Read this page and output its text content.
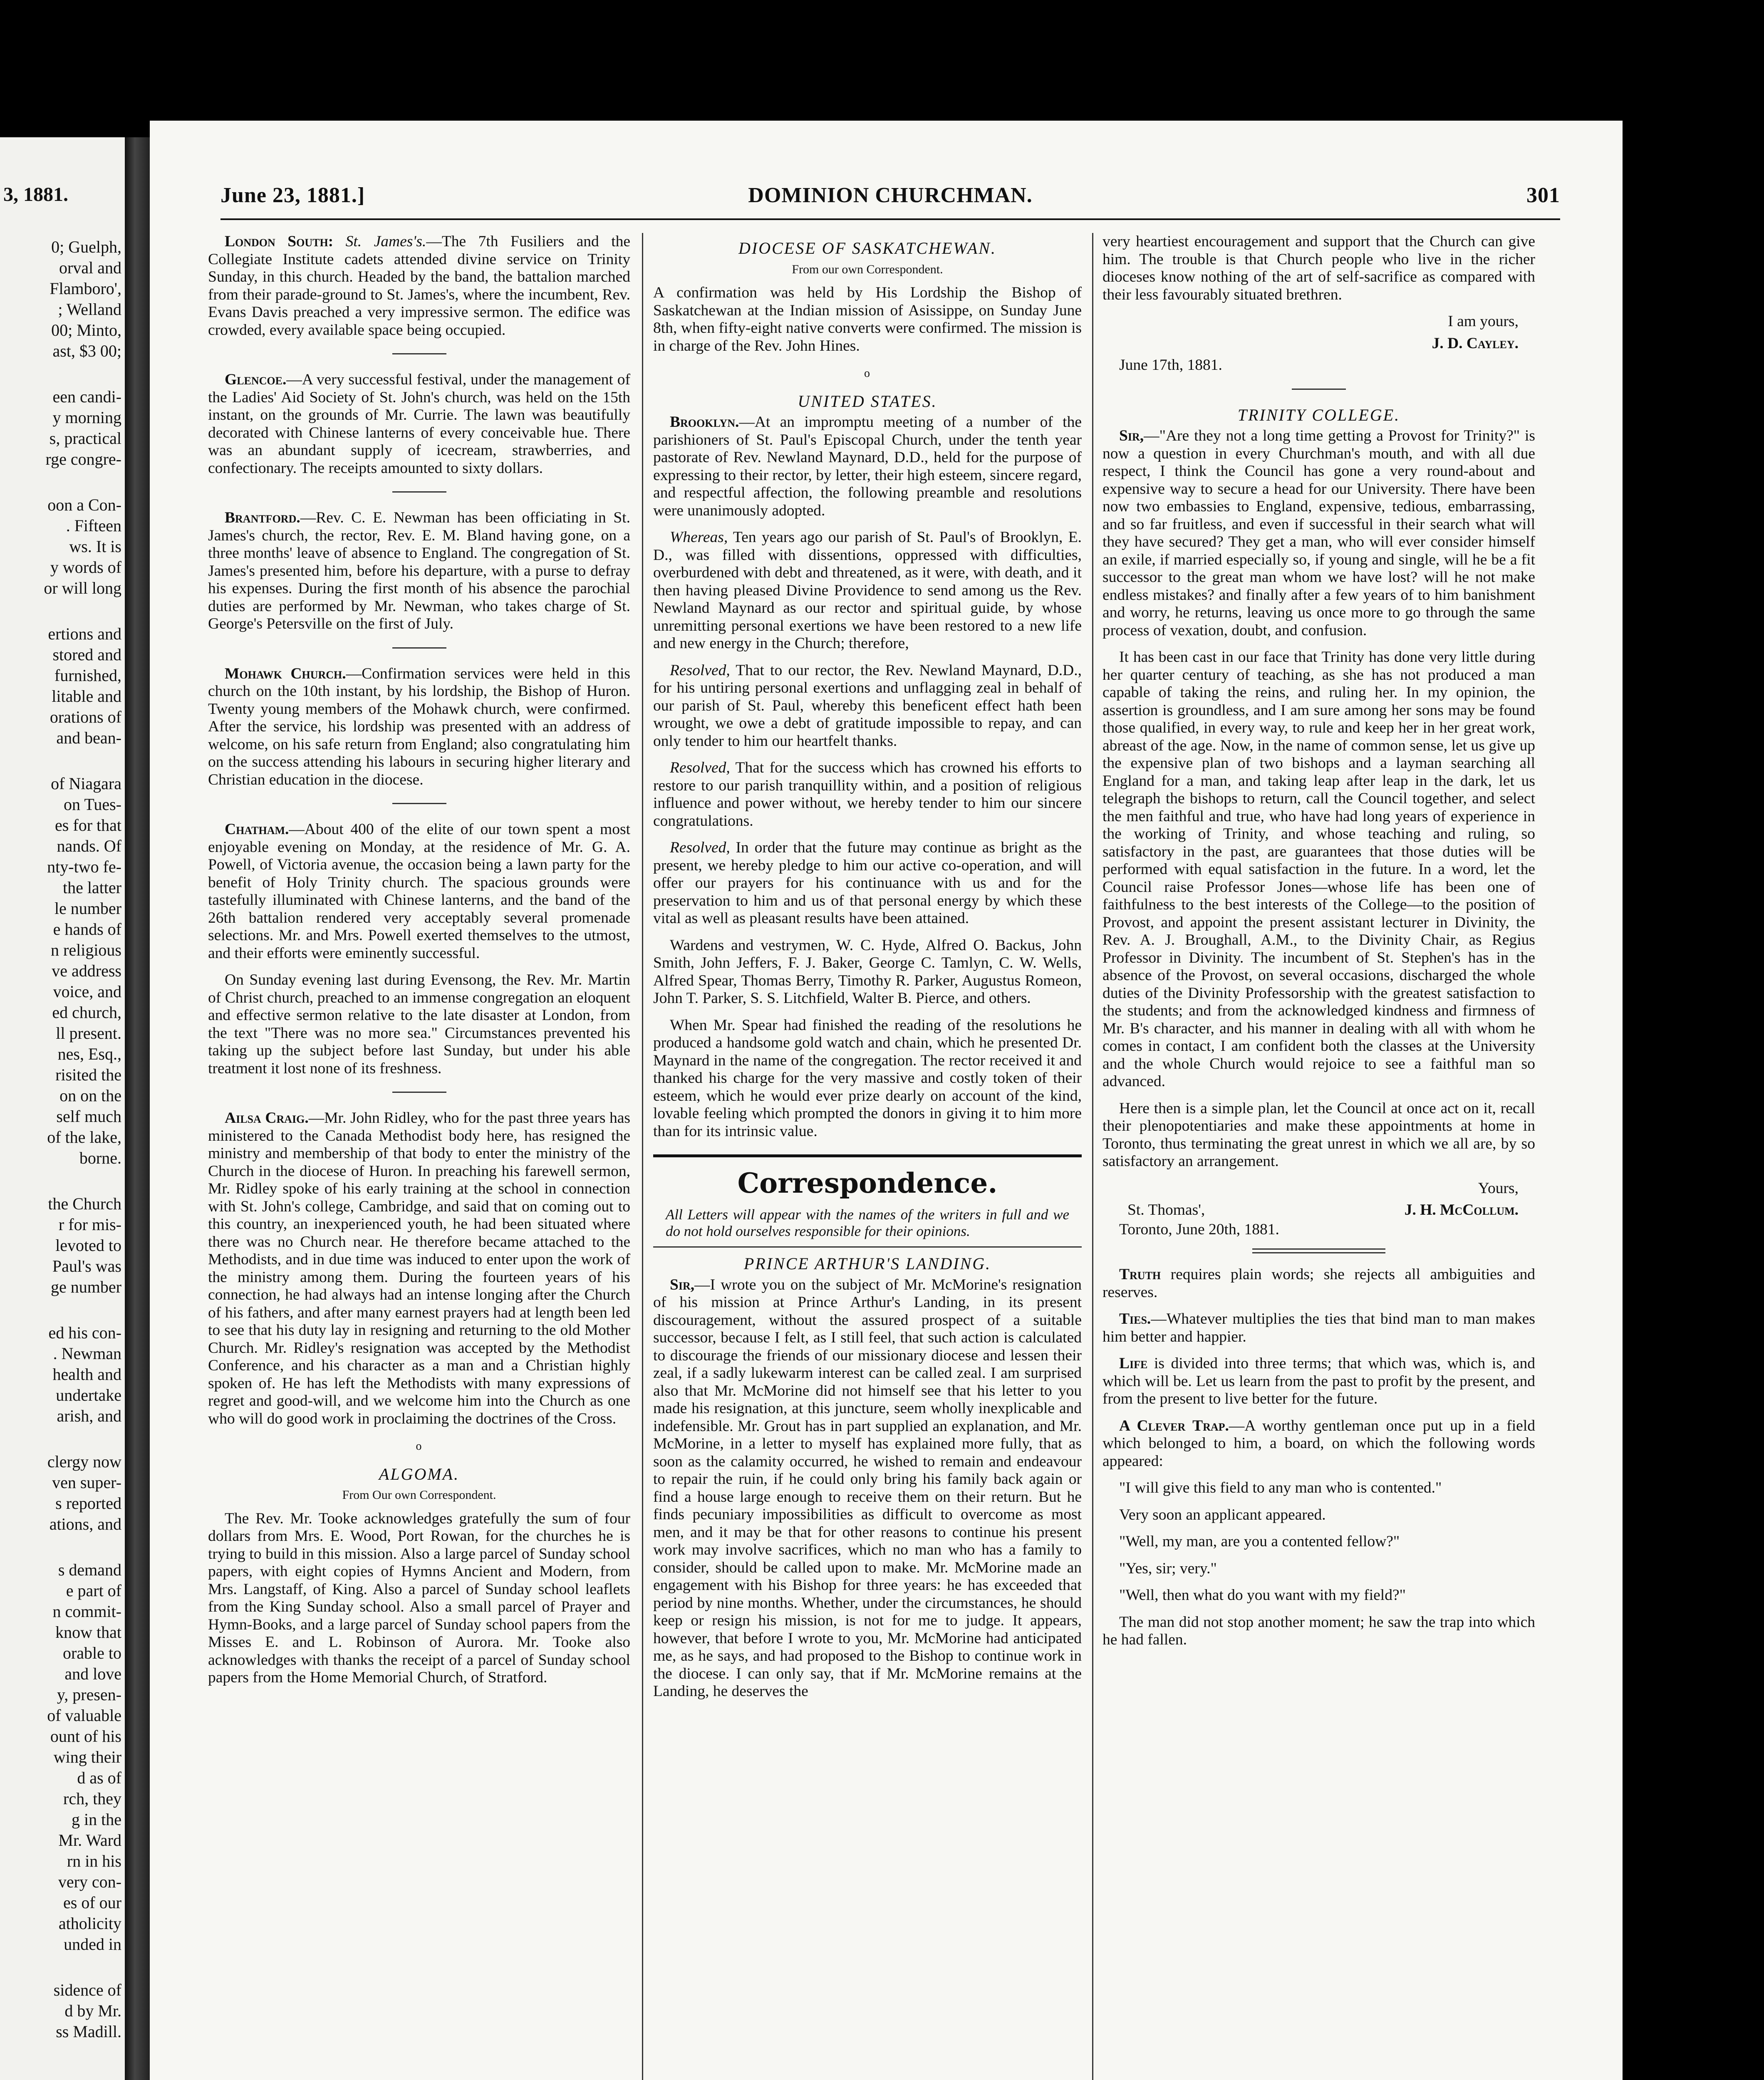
3, 1881.
0; Guelph,
orval and
Flamboro',
; Welland
00; Minto,
ast, $3 00;
een candi-
y morning
s, practical
rge congre-
oon a Con-
. Fifteen
ws. It is
y words of
or will long
ertions and
stored and
furnished,
litable and
orations of
and bean-
of Niagara
on Tues-
es for that
nands. Of
nty-two fe-
the latter
le number
e hands of
n religious
ve address
voice, and
ed church,
ll present.
nes, Esq.,
risited the
on on the
self much
of the lake,
borne.
the Church
r for mis-
levoted to
Paul's was
ge number
ed his con-
. Newman
health and
undertake
arish, and
clergy now
ven super-
s reported
ations, and
s demand
e part of
n commit-
know that
orable to
and love
y, presen-
of valuable
ount of his
wing their
d as of
rch, they
g in the
Mr. Ward
rn in his
very con-
es of our
atholicity
unded in
sidence of
d by Mr.
ss Madill.
June 23, 1881.]	DOMINION CHURCHMAN.	301

London South: St. James's.—The 7th Fusiliers and the Collegiate Institute cadets attended divine service on Trinity Sunday, in this church. Headed by the band, the battalion marched from their parade-ground to St. James's, where the incumbent, Rev. Evans Davis preached a very impressive sermon. The edifice was crowded, every available space being occupied.

Glencoe.—A very successful festival, under the management of the Ladies' Aid Society of St. John's church, was held on the 15th instant, on the grounds of Mr. Currie. The lawn was beautifully decorated with Chinese lanterns of every conceivable hue. There was an abundant supply of icecream, strawberries, and confectionary. The receipts amounted to sixty dollars.

Brantford.—Rev. C. E. Newman has been officiating in St. James's church, the rector, Rev. E. M. Bland having gone, on a three months' leave of absence to England. The congregation of St. James's presented him, before his departure, with a purse to defray his expenses. During the first month of his absence the parochial duties are performed by Mr. Newman, who takes charge of St. George's Petersville on the first of July.

Mohawk Church.—Confirmation services were held in this church on the 10th instant, by his lordship, the Bishop of Huron. Twenty young members of the Mohawk church, were confirmed. After the service, his lordship was presented with an address of welcome, on his safe return from England; also congratulating him on the success attending his labours in securing higher literary and Christian education in the diocese.

Chatham.—About 400 of the elite of our town spent a most enjoyable evening on Monday, at the residence of Mr. G. A. Powell, of Victoria avenue, the occasion being a lawn party for the benefit of Holy Trinity church. The spacious grounds were tastefully illuminated with Chinese lanterns, and the band of the 26th battalion rendered very acceptably several promenade selections. Mr. and Mrs. Powell exerted themselves to the utmost, and their efforts were eminently successful.

On Sunday evening last during Evensong, the Rev. Mr. Martin of Christ church, preached to an immense congregation an eloquent and effective sermon relative to the late disaster at London, from the text "There was no more sea." Circumstances prevented his taking up the subject before last Sunday, but under his able treatment it lost none of its freshness.

Ailsa Craig.—Mr. John Ridley, who for the past three years has ministered to the Canada Methodist body here, has resigned the ministry and membership of that body to enter the ministry of the Church in the diocese of Huron. In preaching his farewell sermon, Mr. Ridley spoke of his early training at the school in connection with St. John's college, Cambridge, and said that on coming out to this country, an inexperienced youth, he had been situated where there was no Church near. He therefore became attached to the Methodists, and in due time was induced to enter upon the work of the ministry among them. During the fourteen years of his connection, he had always had an intense longing after the Church of his fathers, and after many earnest prayers had at length been led to see that his duty lay in resigning and returning to the old Mother Church. Mr. Ridley's resignation was accepted by the Methodist Conference, and his character as a man and a Christian highly spoken of. He has left the Methodists with many expressions of regret and good-will, and we welcome him into the Church as one who will do good work in proclaiming the doctrines of the Cross.

o
ALGOMA.
From Our own Correspondent.

The Rev. Mr. Tooke acknowledges gratefully the sum of four dollars from Mrs. E. Wood, Port Rowan, for the churches he is trying to build in this mission. Also a large parcel of Sunday school papers, with eight copies of Hymns Ancient and Modern, from Mrs. Langstaff, of King. Also a parcel of Sunday school leaflets from the King Sunday school. Also a small parcel of Prayer and Hymn-Books, and a large parcel of Sunday school papers from the Misses E. and L. Robinson of Aurora. Mr. Tooke also acknowledges with thanks the receipt of a parcel of Sunday school papers from the Home Memorial Church, of Stratford.

DIOCESE OF SASKATCHEWAN.
From our own Correspondent.

A confirmation was held by His Lordship the Bishop of Saskatchewan at the Indian mission of Asissippe, on Sunday June 8th, when fifty-eight native converts were confirmed. The mission is in charge of the Rev. John Hines.

o
UNITED STATES.

Brooklyn.—At an impromptu meeting of a number of the parishioners of St. Paul's Episcopal Church, under the tenth year pastorate of Rev. Newland Maynard, D.D., held for the purpose of expressing to their rector, by letter, their high esteem, sincere regard, and respectful affection, the following preamble and resolutions were unanimously adopted.

Whereas, Ten years ago our parish of St. Paul's of Brooklyn, E. D., was filled with dissentions, oppressed with difficulties, overburdened with debt and threatened, as it were, with death, and it then having pleased Divine Providence to send among us the Rev. Newland Maynard as our rector and spiritual guide, by whose unremitting personal exertions we have been restored to a new life and new energy in the Church; therefore,

Resolved, That to our rector, the Rev. Newland Maynard, D.D., for his untiring personal exertions and unflagging zeal in behalf of our parish of St. Paul, whereby this beneficent effect hath been wrought, we owe a debt of gratitude impossible to repay, and can only tender to him our heartfelt thanks.

Resolved, That for the success which has crowned his efforts to restore to our parish tranquillity within, and a position of religious influence and power without, we hereby tender to him our sincere congratulations.

Resolved, In order that the future may continue as bright as the present, we hereby pledge to him our active co-operation, and will offer our prayers for his continuance with us and for the preservation to him and us of that personal energy by which these vital as well as pleasant results have been attained.

Wardens and vestrymen, W. C. Hyde, Alfred O. Backus, John Smith, John Jeffers, F. J. Baker, George C. Tamlyn, C. W. Wells, Alfred Spear, Thomas Berry, Timothy R. Parker, Augustus Romeon, John T. Parker, S. S. Litchfield, Walter B. Pierce, and others.

When Mr. Spear had finished the reading of the resolutions he produced a handsome gold watch and chain, which he presented Dr. Maynard in the name of the congregation. The rector received it and thanked his charge for the very massive and costly token of their esteem, which he would ever prize dearly on account of the kind, lovable feeling which prompted the donors in giving it to him more than for its intrinsic value.

Correspondence.
All Letters will appear with the names of the writers in full and we do not hold ourselves responsible for their opinions.
PRINCE ARTHUR'S LANDING.

Sir,—I wrote you on the subject of Mr. McMorine's resignation of his mission at Prince Arthur's Landing, in its present discouragement, without the assured prospect of a suitable successor, because I felt, as I still feel, that such action is calculated to discourage the friends of our missionary diocese and lessen their zeal, if a sadly lukewarm interest can be called zeal. I am surprised also that Mr. McMorine did not himself see that his letter to you made his resignation, at this juncture, seem wholly inexplicable and indefensible. Mr. Grout has in part supplied an explanation, and Mr. McMorine, in a letter to myself has explained more fully, that as soon as the calamity occurred, he wished to remain and endeavour to repair the ruin, if he could only bring his family back again or find a house large enough to receive them on their return. But he finds pecuniary impossibilities as difficult to overcome as most men, and it may be that for other reasons to continue his present work may involve sacrifices, which no man who has a family to consider, should be called upon to make. Mr. McMorine made an engagement with his Bishop for three years: he has exceeded that period by nine months. Whether, under the circumstances, he should keep or resign his mission, is not for me to judge. It appears, however, that before I wrote to you, Mr. McMorine had anticipated me, as he says, and had proposed to the Bishop to continue work in the diocese. I can only say, that if Mr. McMorine remains at the Landing, he deserves the

very heartiest encouragement and support that the Church can give him. The trouble is that Church people who live in the richer dioceses know nothing of the art of self-sacrifice as compared with their less favourably situated brethren.

I am yours,
J. D. Cayley.

June 17th, 1881.

TRINITY COLLEGE.

Sir,—"Are they not a long time getting a Provost for Trinity?" is now a question in every Churchman's mouth, and with all due respect, I think the Council has gone a very round-about and expensive way to secure a head for our University. There have been now two embassies to England, expensive, tedious, embarrassing, and so far fruitless, and even if successful in their search what will they have secured? They get a man, who will ever consider himself an exile, if married especially so, if young and single, will he be a fit successor to the great man whom we have lost? will he not make endless mistakes? and finally after a few years of to him banishment and worry, he returns, leaving us once more to go through the same process of vexation, doubt, and confusion.

It has been cast in our face that Trinity has done very little during her quarter century of teaching, as she has not produced a man capable of taking the reins, and ruling her. In my opinion, the assertion is groundless, and I am sure among her sons may be found those qualified, in every way, to rule and keep her in her great work, abreast of the age. Now, in the name of common sense, let us give up the expensive plan of two bishops and a layman searching all England for a man, and taking leap after leap in the dark, let us telegraph the bishops to return, call the Council together, and select the men faithful and true, who have had long years of experience in the working of Trinity, and whose teaching and ruling, so satisfactory in the past, are guarantees that those duties will be performed with equal satisfaction in the future. In a word, let the Council raise Professor Jones—whose life has been one of faithfulness to the best interests of the College—to the position of Provost, and appoint the present assistant lecturer in Divinity, the Rev. A. J. Broughall, A.M., to the Divinity Chair, as Regius Professor in Divinity. The incumbent of St. Stephen's has in the absence of the Provost, on several occasions, discharged the whole duties of the Divinity Professorship with the greatest satisfaction to the students; and from the acknowledged kindness and firmness of Mr. B's character, and his manner in dealing with all with whom he comes in contact, I am confident both the classes at the University and the whole Church would rejoice to see a faithful man so advanced.

Here then is a simple plan, let the Council at once act on it, recall their plenopotentiaries and make these appointments at home in Toronto, thus terminating the great unrest in which we all are, by so satisfactory an arrangement.

Yours,
St. Thomas',	J. H. McCollum.

Toronto, June 20th, 1881.

Truth requires plain words; she rejects all ambiguities and reserves.

Ties.—Whatever multiplies the ties that bind man to man makes him better and happier.

Life is divided into three terms; that which was, which is, and which will be. Let us learn from the past to profit by the present, and from the present to live better for the future.

A Clever Trap.—A worthy gentleman once put up in a field which belonged to him, a board, on which the following words appeared:

"I will give this field to any man who is contented."

Very soon an applicant appeared.

"Well, my man, are you a contented fellow?"

"Yes, sir; very."

"Well, then what do you want with my field?"

The man did not stop another moment; he saw the trap into which he had fallen.
